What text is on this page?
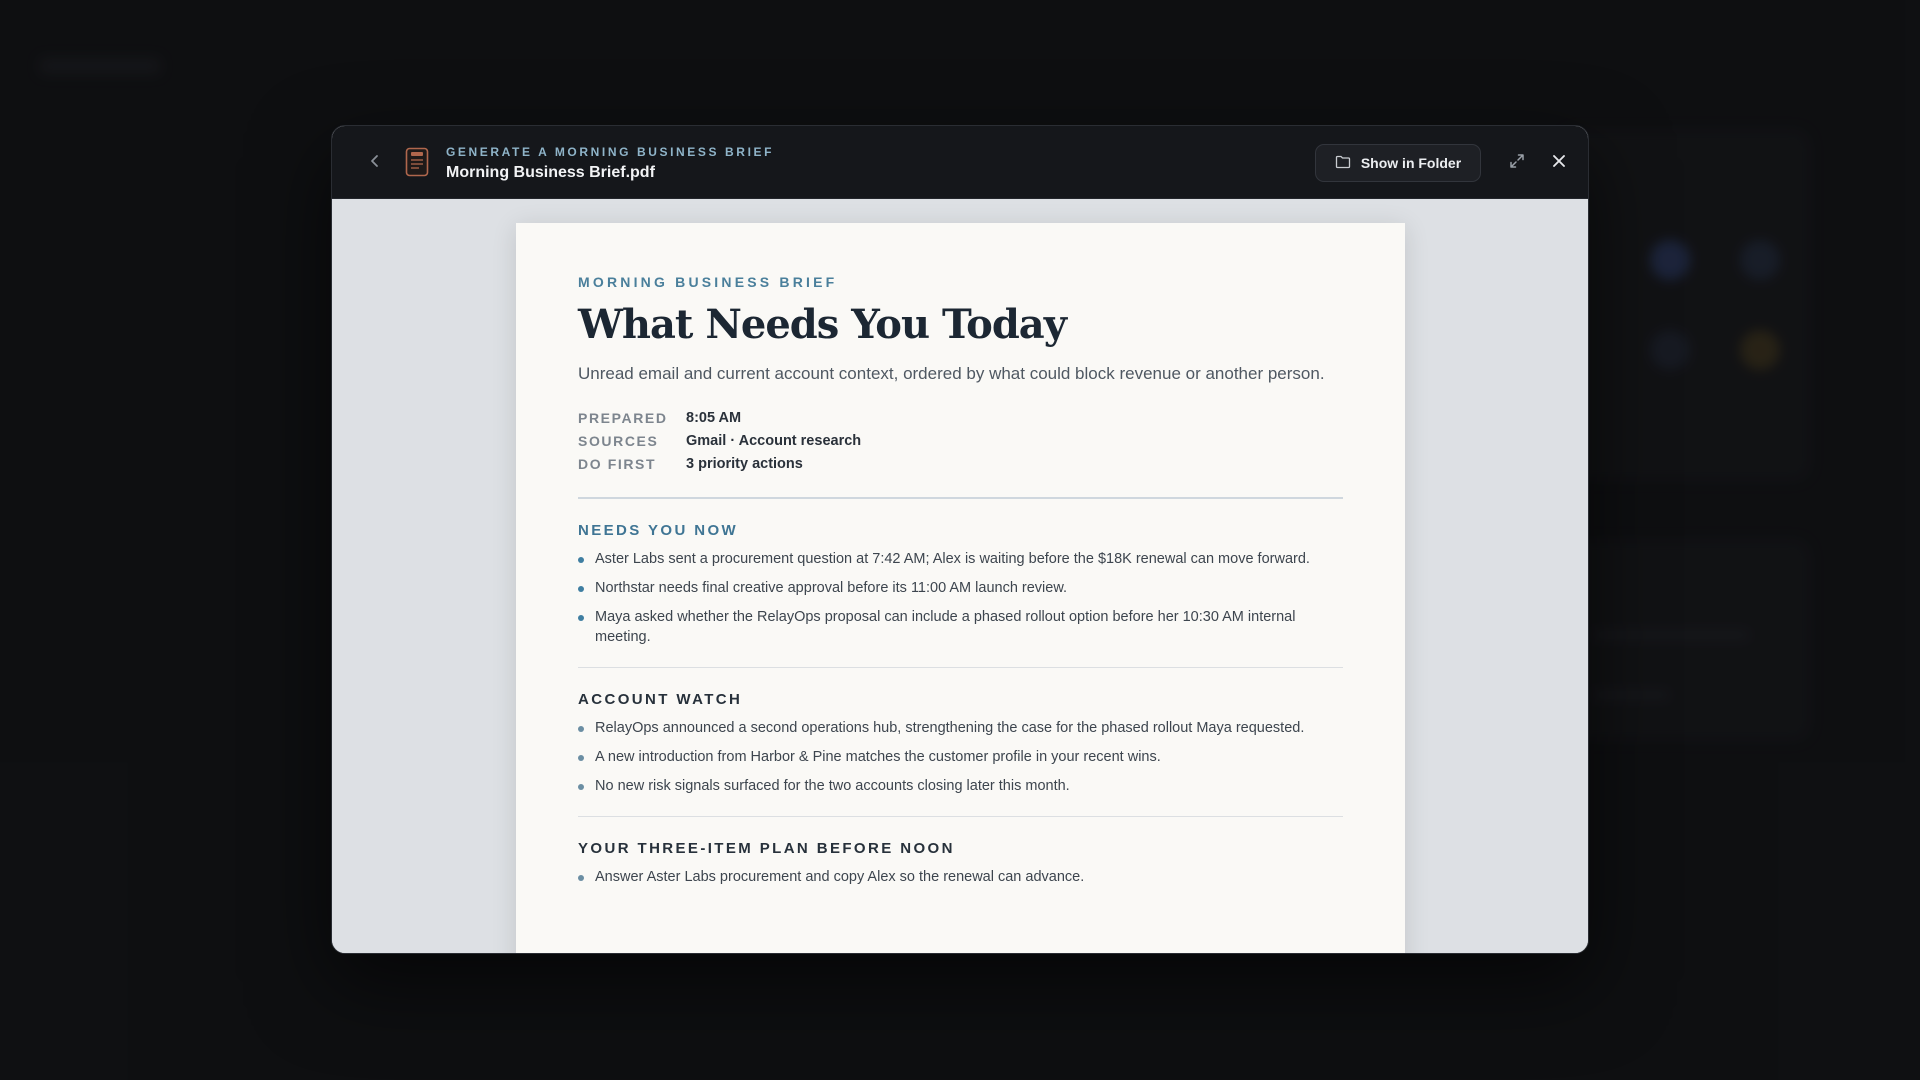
GENERATE A MORNING BUSINESS BRIEF
Morning Business Brief.pdf
Show in Folder
MORNING BUSINESS BRIEF
What Needs You Today
Unread email and current account context, ordered by what could block revenue or another person.
PREPARED	8:05 AM
SOURCES	Gmail · Account research
DO FIRST	3 priority actions
NEEDS YOU NOW
Aster Labs sent a procurement question at 7:42 AM; Alex is waiting before the $18K renewal can move forward.
Northstar needs final creative approval before its 11:00 AM launch review.
Maya asked whether the RelayOps proposal can include a phased rollout option before her 10:30 AM internal meeting.
ACCOUNT WATCH
RelayOps announced a second operations hub, strengthening the case for the phased rollout Maya requested.
A new introduction from Harbor & Pine matches the customer profile in your recent wins.
No new risk signals surfaced for the two accounts closing later this month.
YOUR THREE-ITEM PLAN BEFORE NOON
Answer Aster Labs procurement and copy Alex so the renewal can advance.
